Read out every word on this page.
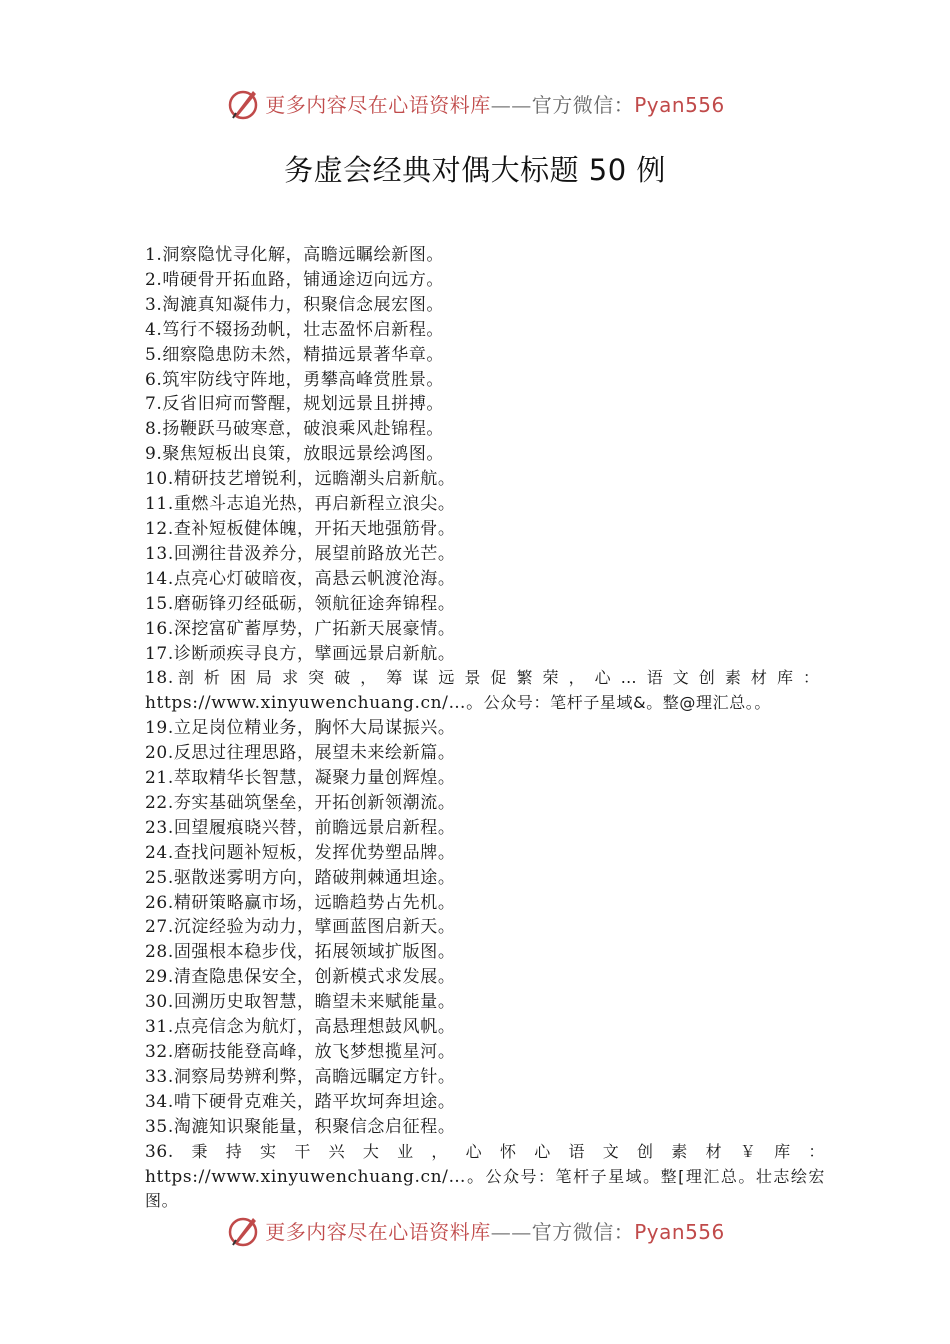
更多内容尽在心语资料库——官方微信：Pyan556
务虚会经典对偶大标题 50 例
1.洞察隐忧寻化解，高瞻远瞩绘新图。
2.啃硬骨开拓血路，铺通途迈向远方。
3.淘漉真知凝伟力，积聚信念展宏图。
4.笃行不辍扬劲帆，壮志盈怀启新程。
5.细察隐患防未然，精描远景著华章。
6.筑牢防线守阵地，勇攀高峰赏胜景。
7.反省旧疴而警醒，规划远景且拼搏。
8.扬鞭跃马破寒意，破浪乘风赴锦程。
9.聚焦短板出良策，放眼远景绘鸿图。
10.精研技艺增锐利，远瞻潮头启新航。
11.重燃斗志追光热，再启新程立浪尖。
12.查补短板健体魄，开拓天地强筋骨。
13.回溯往昔汲养分，展望前路放光芒。
14.点亮心灯破暗夜，高悬云帆渡沧海。
15.磨砺锋刃经砥砺，领航征途奔锦程。
16.深挖富矿蓄厚势，广拓新天展豪情。
17.诊断顽疾寻良方，擘画远景启新航。
18.剖析困局求突破，筹谋远景促繁荣，心…语文创素材库： https://www.xinyuwenchuang.cn/…。公众号：笔杆子星域&。整@理汇总。。
19.立足岗位精业务，胸怀大局谋振兴。
20.反思过往理思路，展望未来绘新篇。
21.萃取精华长智慧，凝聚力量创辉煌。
22.夯实基础筑堡垒，开拓创新领潮流。
23.回望履痕晓兴替，前瞻远景启新程。
24.查找问题补短板，发挥优势塑品牌。
25.驱散迷雾明方向，踏破荆棘通坦途。
26.精研策略赢市场，远瞻趋势占先机。
27.沉淀经验为动力，擘画蓝图启新天。
28.固强根本稳步伐，拓展领域扩版图。
29.清查隐患保安全，创新模式求发展。
30.回溯历史取智慧，瞻望未来赋能量。
31.点亮信念为航灯，高悬理想鼓风帆。
32.磨砺技能登高峰，放飞梦想揽星河。
33.洞察局势辨利弊，高瞻远瞩定方针。
34.啃下硬骨克难关，踏平坎坷奔坦途。
35.淘漉知识聚能量，积聚信念启征程。
36.秉持实干兴大业，心怀心语文创素材￥库：https://www.xinyuwenchuang.cn/…。公众号：笔杆子星域。整[理汇总。壮志绘宏图。
更多内容尽在心语资料库——官方微信：Pyan556
